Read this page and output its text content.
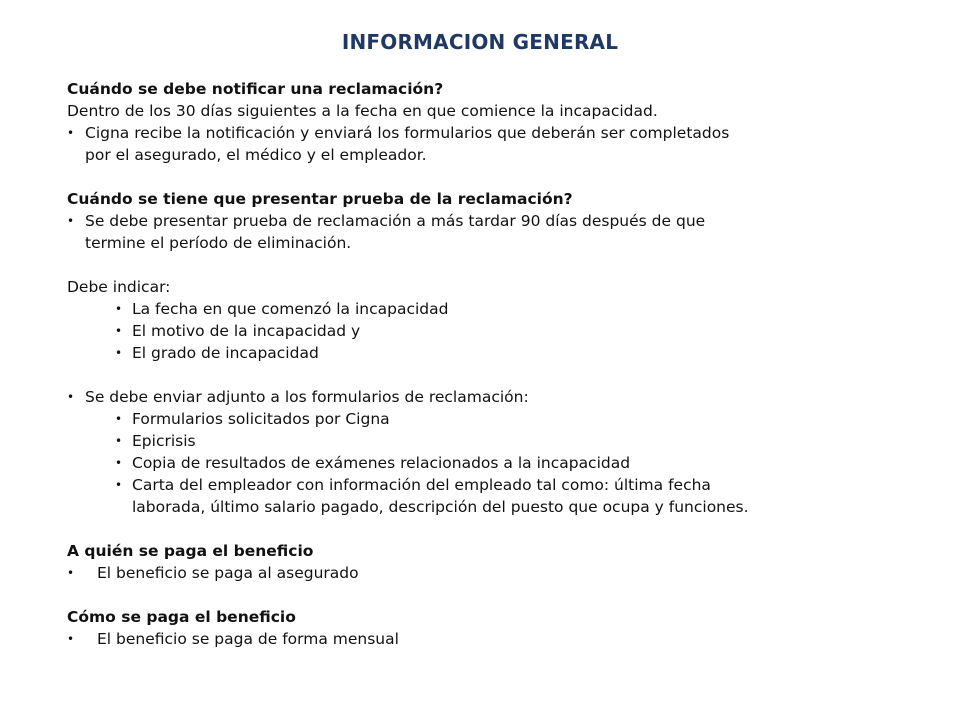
INFORMACION GENERAL
Cuándo se debe notificar una reclamación?
Dentro de los 30 días siguientes a la fecha en que comience la incapacidad.
• Cigna recibe la notificación y enviará los formularios que deberán ser completados
por el asegurado, el médico y el empleador.
Cuándo se tiene que presentar prueba de la reclamación?
• Se debe presentar prueba de reclamación a más tardar 90 días después de que
termine el período de eliminación.
Debe indicar:
• La fecha en que comenzó la incapacidad
• El motivo de la incapacidad y
• El grado de incapacidad
• Se debe enviar adjunto a los formularios de reclamación:
• Formularios solicitados por Cigna
• Epicrisis
• Copia de resultados de exámenes relacionados a la incapacidad
• Carta del empleador con información del empleado tal como: última fecha
laborada, último salario pagado, descripción del puesto que ocupa y funciones.
A quién se paga el beneficio
• El beneficio se paga al asegurado
Cómo se paga el beneficio
• El beneficio se paga de forma mensual
